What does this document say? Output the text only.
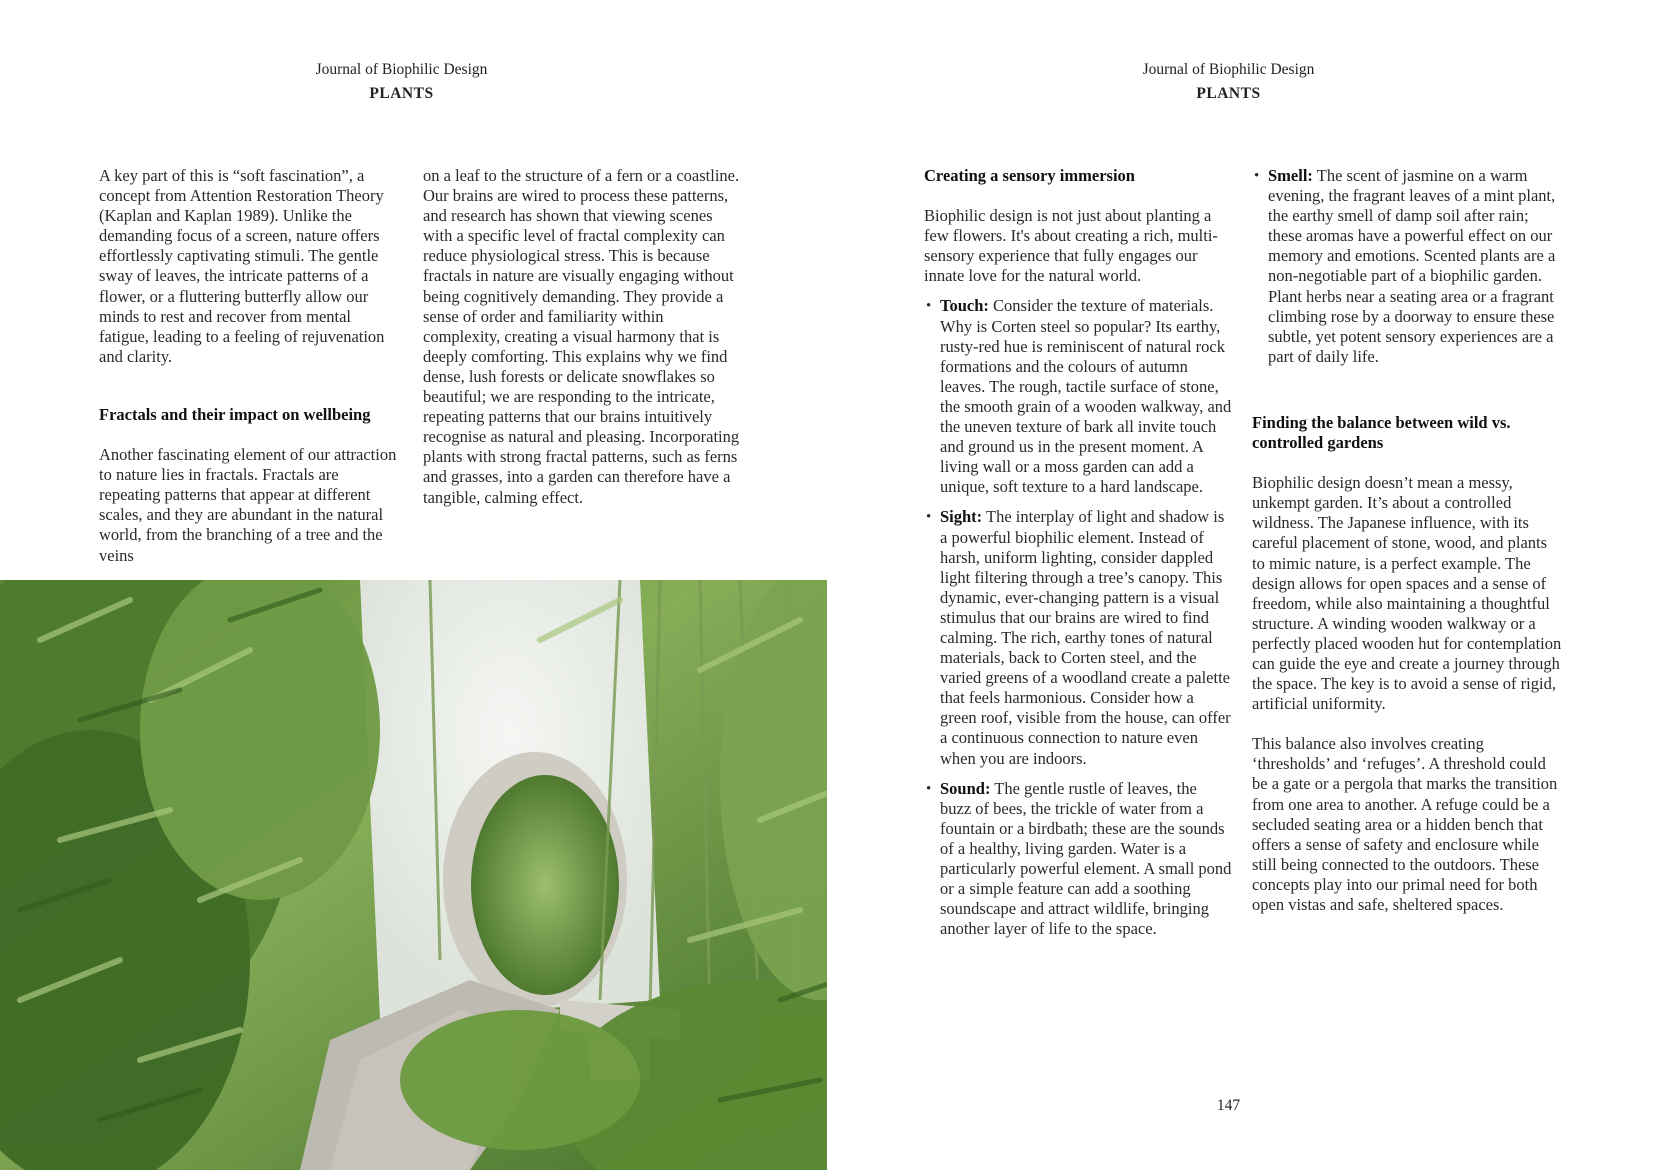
Journal of Biophilic Design
PLANTS

A key part of this is “soft fascination”, a concept from Attention Restoration Theory (Kaplan and Kaplan 1989). Unlike the demanding focus of a screen, nature offers effortlessly captivating stimuli. The gentle sway of leaves, the intricate patterns of a flower, or a fluttering butterfly allow our minds to rest and recover from mental fatigue, leading to a feeling of rejuvenation and clarity.

Fractals and their impact on wellbeing

Another fascinating element of our attraction to nature lies in fractals. Fractals are repeating patterns that appear at different scales, and they are abundant in the natural world, from the branching of a tree and the veins

on a leaf to the structure of a fern or a coastline. Our brains are wired to process these patterns, and research has shown that viewing scenes with a specific level of fractal complexity can reduce physiological stress. This is because fractals in nature are visually engaging without being cognitively demanding. They provide a sense of order and familiarity within complexity, creating a visual harmony that is deeply comforting. This explains why we find dense, lush forests or delicate snowflakes so beautiful; we are responding to the intricate, repeating patterns that our brains intuitively recognise as natural and pleasing. Incorporating plants with strong fractal patterns, such as ferns and grasses, into a garden can therefore have a tangible, calming effect.

Journal of Biophilic Design
PLANTS
Creating a sensory immersion

Biophilic design is not just about planting a few flowers. It's about creating a rich, multi-sensory experience that fully engages our innate love for the natural world.

• Touch: Consider the texture of materials. Why is Corten steel so popular? Its earthy, rusty-red hue is reminiscent of natural rock formations and the colours of autumn leaves. The rough, tactile surface of stone, the smooth grain of a wooden walkway, and the uneven texture of bark all invite touch and ground us in the present moment. A living wall or a moss garden can add a unique, soft texture to a hard landscape.
• Sight: The interplay of light and shadow is a powerful biophilic element. Instead of harsh, uniform lighting, consider dappled light filtering through a tree’s canopy. This dynamic, ever-changing pattern is a visual stimulus that our brains are wired to find calming. The rich, earthy tones of natural materials, back to Corten steel, and the varied greens of a woodland create a palette that feels harmonious. Consider how a green roof, visible from the house, can offer a continuous connection to nature even when you are indoors.
• Sound: The gentle rustle of leaves, the buzz of bees, the trickle of water from a fountain or a birdbath; these are the sounds of a healthy, living garden. Water is a particularly powerful element. A small pond or a simple feature can add a soothing soundscape and attract wildlife, bringing another layer of life to the space.
• Smell: The scent of jasmine on a warm evening, the fragrant leaves of a mint plant, the earthy smell of damp soil after rain; these aromas have a powerful effect on our memory and emotions. Scented plants are a non-negotiable part of a biophilic garden. Plant herbs near a seating area or a fragrant climbing rose by a doorway to ensure these subtle, yet potent sensory experiences are a part of daily life.
Finding the balance between wild vs. controlled gardens

Biophilic design doesn’t mean a messy, unkempt garden. It’s about a controlled wildness. The Japanese influence, with its careful placement of stone, wood, and plants to mimic nature, is a perfect example. The design allows for open spaces and a sense of freedom, while also maintaining a thoughtful structure. A winding wooden walkway or a perfectly placed wooden hut for contemplation can guide the eye and create a journey through the space. The key is to avoid a sense of rigid, artificial uniformity.

This balance also involves creating ‘thresholds’ and ‘refuges’. A threshold could be a gate or a pergola that marks the transition from one area to another. A refuge could be a secluded seating area or a hidden bench that offers a sense of safety and enclosure while still being connected to the outdoors. These concepts play into our primal need for both open vistas and safe, sheltered spaces.

147
